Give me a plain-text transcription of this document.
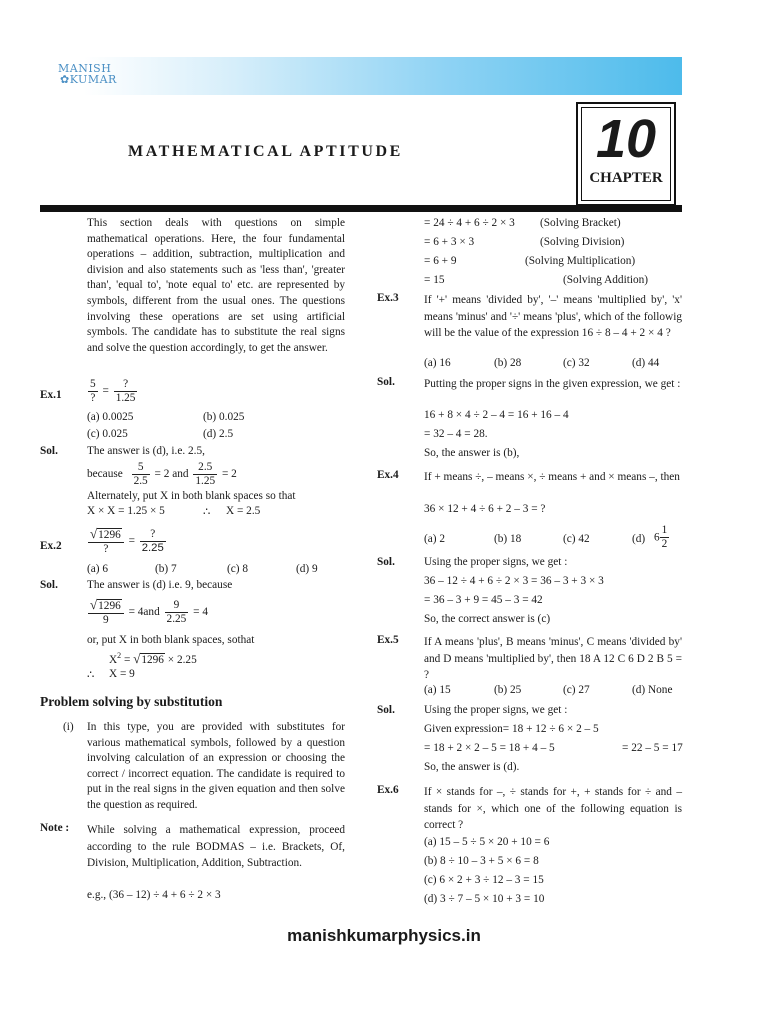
MANISH
✿KUMAR
MATHEMATICAL APTITUDE	10
CHAPTER
This section deals with questions on simple mathematical operations. Here, the four fundamental operations – addition, subtraction, multiplication and division and also statements such as 'less than', 'greater than', 'equal to', 'note equal to' etc. are represented by symbols, different from the usual ones. The questions involving these operations are set using artificial symbols. The candidate has to substitute the real signs and solve the question accordingly, to get the answer.
$Ex.1 \frac{5}{?} = \frac{?}{1.25}$
(a) 0.0025	(b) 0.025
(c) 0.025	(d) 2.5
Sol.	The answer is (d), i.e. 2.5,
because $\frac{5}{2.5} = 2$ and $\frac{2.5}{1.25} = 2$
Alternately, put X in both blank spaces so that
X × X = 1.25 × 5	∴ X = 2.5
$Ex.2 \frac{√1296}{?} = \frac{?}{2.25}$
(a) 6	(b) 7	(c) 8	(d) 9
Sol.	The answer is (d) i.e. 9, because
$\frac{√1296}{9} = 4and \frac{9}{2.25} = 4$
or, put X in both blank spaces, sothat
$X^2 = √1296 \times 2.25$
∴ X = 9
Problem solving by substitution
(i) In this type, you are provided with substitutes for various mathematical symbols, followed by a question involving calculation of an expression or choosing the correct / incorrect equation. The candidate is required to put in the real signs in the given equation and then solve the question as required.
Note : While solving a mathematical expression, proceed according to the rule BODMAS – i.e. Brackets, Of, Division, Multiplication, Addition, Subtraction.
e.g., (36 – 12) ÷ 4 + 6 ÷ 2 × 3
= 24 ÷ 4 + 6 ÷ 2 × 3 (Solving Bracket)
= 6 + 3 × 3	(Solving Division)
= 6 + 9	(Solving Multiplication)
= 15	(Solving Addition)
Ex.3 If '+' means 'divided by', '–' means 'multiplied by', 'x' means 'minus' and '÷' means 'plus', which of the followig will be the value of the expression 16 ÷ 8 – 4 + 2 × 4 ?
(a) 16	(b) 28	(c) 32	(d) 44
Sol.	Putting the proper signs in the given expression, we get :
16 + 8 × 4 ÷ 2 – 4 = 16 + 16 – 4
= 32 – 4 = 28.
So, the answer is (b),
Ex.4 If + means ÷, – means ×, ÷ means + and × means –, then
36 × 12 + 4 ÷ 6 + 2 – 3 = ?
(a) 2	(b) 18	(c) 42	(d) $6 \frac{1}{2}$
Sol.	Using the proper signs, we get :
36 – 12 ÷ 4 + 6 ÷ 2 × 3 = 36 – 3 + 3 × 3
= 36 – 3 + 9 = 45 – 3 = 42
So, the correct answer is (c)
Ex.5 If A means 'plus', B means 'minus', C means 'divided by' and D means 'multiplied by', then 18 A 12 C 6 D 2 B 5 = ?
(a) 15	(b) 25	(c) 27	(d) None
Sol.	Using the proper signs, we get :
Given expression= 18 + 12 ÷ 6 × 2 – 5
= 18 + 2 × 2 – 5 = 18 + 4 – 5	= 22 – 5 = 17
So, the answer is (d).
Ex.6 If × stands for –, ÷ stands for +, + stands for ÷ and – stands for ×, which one of the following equation is correct ?
(a) 15 – 5 ÷ 5 × 20 + 10 = 6
(b) 8 ÷ 10 – 3 + 5 × 6 = 8
(c) 6 × 2 + 3 ÷ 12 – 3 = 15
(d) 3 ÷ 7 – 5 × 10 + 3 = 10
manishkumarphysics.in
